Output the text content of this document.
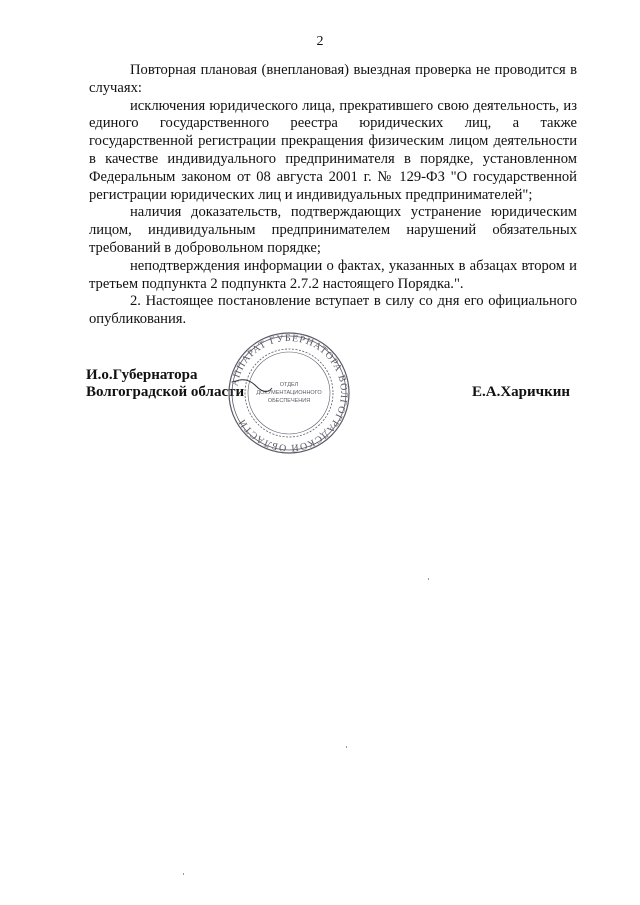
2

Повторная плановая (внеплановая) выездная проверка не проводится в случаях:

исключения юридического лица, прекратившего свою деятельность, из единого государственного реестра юридических лиц, а также государственной регистрации прекращения физическим лицом деятельности в качестве индивидуального предпринимателя в порядке, установленном Федеральным законом от 08 августа 2001 г. № 129-ФЗ "О государственной регистрации юридических лиц и индивидуальных предпринимателей";

наличия доказательств, подтверждающих устранение юридическим лицом, индивидуальным предпринимателем нарушений обязательных требований в добровольном порядке;

неподтверждения информации о фактах, указанных в абзацах втором и третьем подпункта 2 подпункта 2.7.2 настоящего Порядка.".

2. Настоящее постановление вступает в силу со дня его официального опубликования.

И.о.Губернатора
Волгоградской области
АППАРАТ ГУБЕРНАТОРА ВОЛГОГРАДСКОЙ ОБЛАСТИ
ОТДЕЛ
ДОКУМЕНТАЦИОННОГО
ОБЕСПЕЧЕНИЯ
Е.А.Харичкин
